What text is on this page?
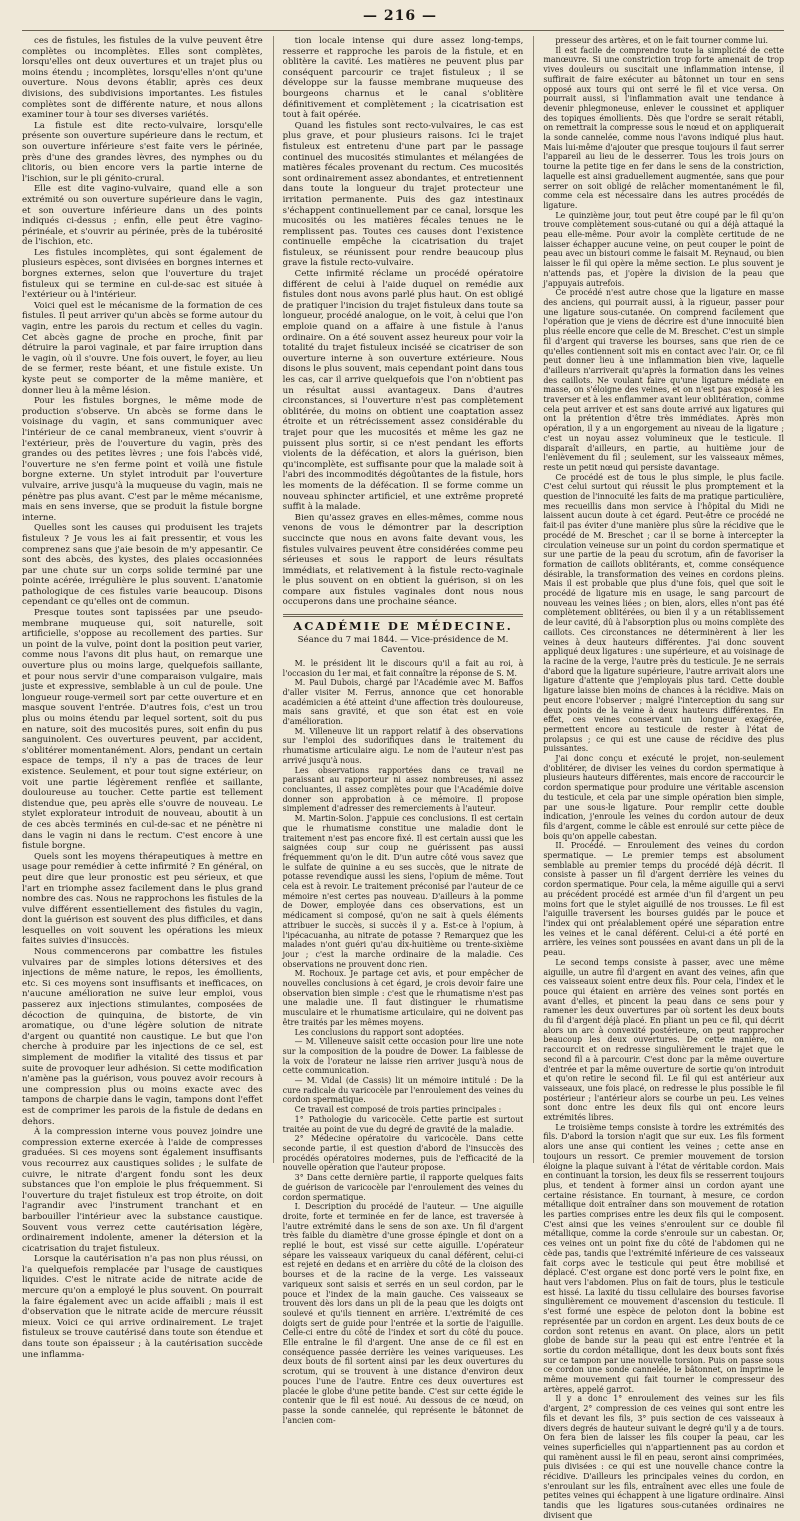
— 216 —

ces de fistules, les fistules de la vulve peuvent être complètes ou incomplètes. Elles sont complètes, lorsqu'elles ont deux ouvertures et un trajet plus ou moins étendu ; incomplètes, lorsqu'elles n'ont qu'une ouverture. Nous devons établir, après ces deux divisions, des subdivisions importantes. Les fistules complètes sont de différente nature, et nous allons examiner tour à tour ses diverses variétés.

La fistule est dite recto-vulvaire, lorsqu'elle présente son ouverture supérieure dans le rectum, et son ouverture inférieure s'est faite vers le périnée, près d'une des grandes lèvres, des nymphes ou du clitoris, ou bien encore vers la partie interne de l'ischion, sur le pli génito-crural.

Elle est dite vagino-vulvaire, quand elle a son extrémité ou son ouverture supérieure dans le vagin, et son ouverture inférieure dans un des points indiqués ci-dessus ; enfin, elle peut être vagino-périnéale, et s'ouvrir au périnée, près de la tubérosité de l'ischion, etc.

Les fistules incomplètes, qui sont également de plusieurs espèces, sont divisées en borgnes internes et borgnes externes, selon que l'ouverture du trajet fistuleux qui se termine en cul-de-sac est située à l'extérieur ou à l'intérieur.

Voici quel est le mécanisme de la formation de ces fistules. Il peut arriver qu'un abcès se forme autour du vagin, entre les parois du rectum et celles du vagin. Cet abcès gagne de proche en proche, finit par détruire la paroi vaginale, et par faire irruption dans le vagin, où il s'ouvre. Une fois ouvert, le foyer, au lieu de se fermer, reste béant, et une fistule existe. Un kyste peut se comporter de la même manière, et donner lieu à la même lésion.

Pour les fistules borgnes, le même mode de production s'observe. Un abcès se forme dans le voisinage du vagin, et sans communiquer avec l'intérieur de ce canal membraneux, vient s'ouvrir à l'extérieur, près de l'ouverture du vagin, près des grandes ou des petites lèvres ; une fois l'abcès vidé, l'ouverture ne s'en ferme point et voilà une fistule borgne externe. Un stylet introduit par l'ouverture vulvaire, arrive jusqu'à la muqueuse du vagin, mais ne pénètre pas plus avant. C'est par le même mécanisme, mais en sens inverse, que se produit la fistule borgne interne.

Quelles sont les causes qui produisent les trajets fistuleux ? Je vous les ai fait pressentir, et vous les comprenez sans que j'aie besoin de m'y appesantir. Ce sont des abcès, des kystes, des plaies occasionnées par une chute sur un corps solide terminé par une pointe acérée, irrégulière le plus souvent. L'anatomie pathologique de ces fistules varie beaucoup. Disons cependant ce qu'elles ont de commun.

Presque toutes sont tapissées par une pseudo-membrane muqueuse qui, soit naturelle, soit artificielle, s'oppose au recollement des parties. Sur un point de la vulve, point dont la position peut varier, comme nous l'avons dit plus haut, on remarque une ouverture plus ou moins large, quelquefois saillante, et pour nous servir d'une comparaison vulgaire, mais juste et expressive, semblable à un cul de poule. Une longueur rouge-vermeil sort par cette ouverture et en masque souvent l'entrée. D'autres fois, c'est un trou plus ou moins étendu par lequel sortent, soit du pus en nature, soit des mucosités pures, soit enfin du pus sanguinolent. Ces ouvertures peuvent, par accident, s'oblitérer momentanément. Alors, pendant un certain espace de temps, il n'y a pas de traces de leur existence. Seulement, et pour tout signe extérieur, on voit une partie légèrement renflée et saillante, douloureuse au toucher. Cette partie est tellement distendue que, peu après elle s'ouvre de nouveau. Le stylet explorateur introduit de nouveau, aboutit à un de ces abcès terminés en cul-de-sac et ne pénètre ni dans le vagin ni dans le rectum. C'est encore à une fistule borgne.

Quels sont les moyens thérapeutiques à mettre en usage pour remédier à cette infirmité ? En général, on peut dire que leur pronostic est peu sérieux, et que l'art en triomphe assez facilement dans le plus grand nombre des cas. Nous ne rapprochons les fistules de la vulve différent essentiellement des fistules du vagin, dont la guérison est souvent des plus difficiles, et dans lesquelles on voit souvent les opérations les mieux faites suivies d'insuccès.

Nous commencerons par combattre les fistules vulvaires par de simples lotions détersives et des injections de même nature, le repos, les émollients, etc. Si ces moyens sont insuffisants et inefficaces, on n'aucune amélioration ne suive leur emploi, vous passerez aux injections stimulantes, composées de décoction de quinquina, de bistorte, de vin aromatique, ou d'une légère solution de nitrate d'argent ou quantité non caustique. Le but que l'on cherche à produire par les injections de ce sel, est simplement de modifier la vitalité des tissus et par suite de provoquer leur adhésion. Si cette modification n'amène pas la guérison, vous pouvez avoir recours à une compression plus ou moins exacte avec des tampons de charpie dans le vagin, tampons dont l'effet est de comprimer les parois de la fistule de dedans en dehors.

À la compression interne vous pouvez joindre une compression externe exercée à l'aide de compresses graduées. Si ces moyens sont également insuffisants vous recourrez aux caustiques solides ; le sulfate de cuivre, le nitrate d'argent fondu sont les deux substances que l'on emploie le plus fréquemment. Si l'ouverture du trajet fistuleux est trop étroite, on doit l'agrandir avec l'instrument tranchant et en barbouiller l'intérieur avec la substance caustique. Souvent vous verrez cette cautérisation légère, ordinairement indolente, amener la détersion et la cicatrisation du trajet fistuleux.

Lorsque la cautérisation n'a pas non plus réussi, on l'a quelquefois remplacée par l'usage de caustiques liquides. C'est le nitrate acide de nitrate acide de mercure qu'on a employé le plus souvent. On pourrait la faire également avec un acide affaibli ; mais il est d'observation que le nitrate acide de mercure réussit mieux. Voici ce qui arrive ordinairement. Le trajet fistuleux se trouve cautérisé dans toute son étendue et dans toute son épaisseur ; à la cautérisation succède une inflamma-

tion locale intense qui dure assez long-temps, resserre et rapproche les parois de la fistule, et en oblitère la cavité. Les matières ne peuvent plus par conséquent parcourir ce trajet fistuleux ; il se développe sur la fausse membrane muqueuse des bourgeons charnus et le canal s'oblitère définitivement et complètement ; la cicatrisation est tout à fait opérée.

Quand les fistules sont recto-vulvaires, le cas est plus grave, et pour plusieurs raisons. Ici le trajet fistuleux est entretenu d'une part par le passage continuel des mucosités stimulantes et mélangées de matières fécales provenant du rectum. Ces mucosités sont ordinairement assez abondantes, et entretiennent dans toute la longueur du trajet protecteur une irritation permanente. Puis des gaz intestinaux s'échappent continuellement par ce canal, lorsque les mucosités ou les matières fécales tenues ne le remplissent pas. Toutes ces causes dont l'existence continuelle empêche la cicatrisation du trajet fistuleux, se réunissent pour rendre beaucoup plus grave la fistule recto-vulvaire.

Cette infirmité réclame un procédé opératoire différent de celui à l'aide duquel on remédie aux fistules dont nous avons parlé plus haut. On est obligé de pratiquer l'incision du trajet fistuleux dans toute sa longueur, procédé analogue, on le voit, à celui que l'on emploie quand on a affaire à une fistule à l'anus ordinaire. On a été souvent assez heureux pour voir la totalité du trajet fistuleux inciséé se cicatriser de son ouverture interne à son ouverture extérieure. Nous disons le plus souvent, mais cependant point dans tous les cas, car il arrive quelquefois que l'on n'obtient pas un résultat aussi avantageux. Dans d'autres circonstances, si l'ouverture n'est pas complètement oblitérée, du moins on obtient une coaptation assez étroite et un rétrécissement assez considérable du trajet pour que les mucosités et même les gaz ne puissent plus sortir, si ce n'est pendant les efforts violents de la défécation, et alors la guérison, bien qu'incomplète, est suffisante pour que la malade soit à l'abri des incommodités dégoûtantes de la fistule, hors les moments de la défécation. Il se forme comme un nouveau sphincter artificiel, et une extrême propreté suffit à la malade.

Bien qu'assez graves en elles-mêmes, comme nous venons de vous le démontrer par la description succincte que nous en avons faite devant vous, les fistules vulvaires peuvent être considérées comme peu sérieuses et sous le rapport de leurs résultats immédiats, et relativement à la fistule recto-vaginale le plus souvent on en obtient la guérison, si on les compare aux fistules vaginales dont nous nous occuperons dans une prochaine séance.

ACADÉMIE DE MÉDECINE.
Séance du 7 mai 1844. — Vice-présidence de M. Caventou.

M. le président lit le discours qu'il a fait au roi, à l'occasion du 1er mai, et fait connaître la réponse de S. M.

M. Paul Dubois, chargé par l'Académie avec M. Baffos d'aller visiter M. Ferrus, annonce que cet honorable académicien a été atteint d'une affection très douloureuse, mais sans gravité, et que son état est en voie d'amélioration.

M. Villeneuve lit un rapport relatif à des observations sur l'emploi des sudorifiques dans le traitement du rhumatisme articulaire aigu. Le nom de l'auteur n'est pas arrivé jusqu'à nous.

Les observations rapportées dans ce travail ne paraissant au rapporteur ni assez nombreuses, ni assez concluantes, il assez complètes pour que l'Académie doive donner son approbation à ce mémoire. Il propose simplement d'adresser des remerciements à l'auteur.

M. Martin-Solon. J'appuie ces conclusions. Il est certain que le rhumatisme constitue une maladie dont le traitement n'est pas encore fixé. Il est certain aussi que les saignées coup sur coup ne guérissent pas aussi fréquemment qu'on le dit. D'un autre côté vous savez que le sulfate de quinine a eu ses succès, que le nitrate de potasse revendique aussi les siens, l'opium de même. Tout cela est à revoir. Le traitement préconisé par l'auteur de ce mémoire n'est certes pas nouveau. D'ailleurs à la pomme de Dower, employée dans ces observations, est un médicament si composé, qu'on ne sait à quels éléments attribuer le succès, si succès il y a. Est-ce à l'opium, à l'ipécacuanha, au nitrate de potasse ? Remarquez que les malades n'ont guéri qu'au dix-huitième ou trente-sixième jour ; c'est la marche ordinaire de la maladie. Ces observations ne prouvent donc rien.

M. Rochoux. Je partage cet avis, et pour empêcher de nouvelles conclusions à cet égard, je crois devoir faire une observation bien simple : c'est que le rhumatisme n'est pas une maladie une. Il faut distinguer le rhumatisme musculaire et le rhumatisme articulaire, qui ne doivent pas être traités par les mêmes moyens.

Les conclusions du rapport sont adoptées.

— M. Villeneuve saisit cette occasion pour lire une note sur la composition de la poudre de Dower. La faiblesse de la voix de l'orateur ne laisse rien arriver jusqu'à nous de cette communication.

— M. Vidal (de Cassis) lit un mémoire intitulé : De la cure radicale du varicocèle par l'enroulement des veines du cordon spermatique.

Ce travail est composé de trois parties principales :

1° Pathologie du varicocèle. Cette partie est surtout traitée au point de vue du degré de gravité de la maladie.

2° Médecine opératoire du varicocèle. Dans cette seconde partie, il est question d'abord de l'insuccès des procédés opératoires modernes, puis de l'efficacité de la nouvelle opération que l'auteur propose.

3° Dans cette dernière partie, il rapporte quelques faits de guérison de varicocèle par l'enroulement des veines du cordon spermatique.

I. Description du procédé de l'auteur. — Une aiguille droite, forte et terminée en fer de lance, est traversée à l'autre extrémité dans le sens de son axe. Un fil d'argent très faible du diamètre d'une grosse épingle et dont on a replié le bout, est vissé sur cette aiguille. L'opérateur sépare les vaisseaux variqueux du canal déférent, celui-ci est rejeté en dedans et en arrière du côté de la cloison des bourses et de la racine de la verge. Les vaisseaux variqueux sont saisis et serrés en un seul cordon, par le pouce et l'index de la main gauche. Ces vaisseaux se trouvent dès lors dans un pli de la peau que les doigts ont soulevé et qu'ils tiennent en arrière. L'extrémité de ces doigts sert de guide pour l'entrée et la sortie de l'aiguille. Celle-ci entre du côté de l'index et sort du côté du pouce. Elle entraîne le fil d'argent. Une anse de ce fil est en conséquence passée derrière les veines variqueuses. Les deux bouts de fil sortent ainsi par les deux ouvertures du scrotum, qui se trouvent à une distance d'environ deux pouces l'une de l'autre. Entre ces deux ouvertures est placée le globe d'une petite bande. C'est sur cette égide le contenir que le fil est noué. Au dessous de ce nœud, on passe la sonde cannelée, qui représente le bâtonnet de l'ancien com-

presseur des artères, et on le fait tourner comme lui.

Il est facile de comprendre toute la simplicité de cette manœuvre. Si une constriction trop forte amenait de trop vives douleurs ou suscitait une inflammation intense, il suffirait de faire exécuter au bâtonnet un tour en sens opposé aux tours qui ont serré le fil et vice versa. On pourrait aussi, si l'inflammation avait une tendance à devenir phlegmoneuse, enlever le coussinet et appliquer des topiques émollients. Dès que l'ordre se serait rétabli, on remettrait la compresse sous le nœud et on appliquerait la sonde cannelée, comme nous l'avons indiqué plus haut. Mais lui-même d'ajouter que presque toujours il faut serrer l'appareil au lieu de le desserrer. Tous les trois jours on tourne la petite tige en fer dans le sens de la constriction, laquelle est ainsi graduellement augmentée, sans que pour serrer on soit obligé de relâcher momentanément le fil, comme cela est nécessaire dans les autres procédés de ligature.

Le quinzième jour, tout peut être coupé par le fil qu'on trouve complètement sous-cutané ou qui a déjà attaqué la peau elle-même. Pour avoir la complète certitude de ne laisser échapper aucune veine, on peut couper le point de peau avec un bistouri comme le faisait M. Reynaud, ou bien laisser le fil qui opère la même section. Le plus souvent je n'attends pas, et j'opère la division de la peau que j'appuyais autrefois.

Ce procédé n'est autre chose que la ligature en masse des anciens, qui pourrait aussi, à la rigueur, passer pour une ligature sous-cutanée. On comprend facilement que l'opération que je viens de décrire est d'une innocuité bien plus réelle encore que celle de M. Breschet. C'est un simple fil d'argent qui traverse les bourses, sans que rien de ce qu'elles contiennent soit mis en contact avec l'air. Or, ce fil peut donner lieu à une inflammation bien vive, laquelle d'ailleurs n'arriverait qu'après la formation dans les veines des caillots. Ne voulant faire qu'une ligature médiate en masse, on s'éloigne des veines, et on n'est pas exposé à les traverser et à les enflammer avant leur oblitération, comme cela peut arriver et est sans doute arrivé aux ligatures qui ont la prétention d'être très immédiates. Après mon opération, il y a un engorgement au niveau de la ligature ; c'est un noyau assez volumineux que le testicule. Il disparaît d'ailleurs, en partie, au huitième jour de l'enlèvement du fil ; seulement, sur les vaisseaux mêmes, reste un petit nœud qui persiste davantage.

Ce procédé est de tous le plus simple, le plus facile. C'est celui surtout qui réussit le plus promptement et la question de l'innocuité les faits de ma pratique particulière, mes recueillis dans mon service à l'hôpital du Midi ne laissent aucun doute à cet égard. Peut-être ce procédé ne fait-il pas éviter d'une manière plus sûre la récidive que le procédé de M. Breschet ; car il se borne à intercepter la circulation veineuse sur un point du cordon spermatique et sur une partie de la peau du scrotum, afin de favoriser la formation de caillots oblitérants, et, comme conséquence désirable, la transformation des veines en cordons pleins. Mais il est probable que plus d'une fois, quel que soit le procédé de ligature mis en usage, le sang parcourt de nouveau les veines liées ; on bien, alors, elles n'ont pas été complètement oblitérées, ou bien il y a un rétablissement de leur cavité, dû à l'absorption plus ou moins complète des caillots. Ces circonstances ne déterminèrent à lier les veines à deux hauteurs différentes. J'ai donc souvent appliqué deux ligatures : une supérieure, et au voisinage de la racine de la verge, l'autre près du testicule. Je ne serrais d'abord que la ligature supérieure, l'autre arrivait alors une ligature d'attente que j'employais plus tard. Cette double ligature laisse bien moins de chances à la récidive. Mais on peut encore l'observer ; malgré l'interception du sang sur deux points de la veine à deux hauteurs différentes. En effet, ces veines conservant un longueur exagérée, permettent encore au testicule de rester à l'état de prolapsus ; ce qui est une cause de récidive des plus puissantes.

J'ai donc conçu et exécuté le projet, non-seulement d'oblitérer, de diviser les veines du cordon spermatique à plusieurs hauteurs différentes, mais encore de raccourcir le cordon spermatique pour produire une véritable ascension du testicule, et cela par une simple opération bien simple, par une sous-le ligature. Pour remplir cette double indication, j'enroule les veines du cordon autour de deux fils d'argent, comme le câble est enroulé sur cette pièce de bois qu'on appelle cabestan.

II. Procédé. — Enroulement des veines du cordon spermatique. — Le premier temps est absolument semblable au premier temps du procédé déjà décrit. Il consiste à passer un fil d'argent derrière les veines du cordon spermatique. Pour cela, la même aiguille qui a servi au précédent procédé est armée d'un fil d'argent un peu moins fort que le stylet aiguillé de nos trousses. Le fil est l'aiguille traversent les bourses guidés par le pouce et l'index qui ont préalablement opéré une séparation entre les veines et le canal déférent. Celui-ci a été porté en arrière, les veines sont poussées en avant dans un pli de la peau.

Le second temps consiste à passer, avec une même aiguille, un autre fil d'argent en avant des veines, afin que ces vaisseaux soient entre deux fils. Pour cela, l'index et le pouce qui étaient en arrière des veines sont portés en avant d'elles, et pincent la peau dans ce sens pour y ramener les deux ouvertures par où sortent les deux bouts du fil d'argent déjà placé. En pliant un peu ce fil, qui décrit alors un arc à convexité postérieure, on peut rapprocher beaucoup les deux ouvertures. De cette manière, on raccourcit et on redresse singulièrement le trajet que le second fil a à parcourir. C'est donc par la même ouverture d'entrée et par la même ouverture de sortie qu'on introduit et qu'on retire le second fil. Le fil qui est antérieur aux vaisseaux, une fois placé, on redresse le plus possible le fil postérieur ; l'antérieur alors se courbe un peu. Les veines sont donc entre les deux fils qui ont encore leurs extrémités libres.

Le troisième temps consiste à tordre les extrémités des fils. D'abord la torsion n'agit que sur eux. Les fils forment alors une anse qui contient les veines ; cette anse en toujours un ressort. Ce premier mouvement de torsion éloigne la plaque suivant à l'état de véritable cordon. Mais en continuant la torsion, les deux fils se resserrent toujours plus, et tendent à former ainsi un cordon ayant une certaine résistance. En tournant, à mesure, ce cordon métallique doit entraîner dans son mouvement de rotation les parties comprises entre les deux fils qui le composent. C'est ainsi que les veines s'enroulent sur ce double fil métallique, comme la corde s'enroule sur un cabestan. Or, ces veines ont un point fixe du côté de l'abdomen qui ne cède pas, tandis que l'extrémité inférieure de ces vaisseaux fait corps avec le testicule qui peut être mobilisé et déplacé. C'est organe est donc porté vers le point fixe, en haut vers l'abdomen. Plus on fait de tours, plus le testicule est hissé. La laxité du tissu cellulaire des bourses favorise singulièrement ce mouvement d'ascension du testicule. Il s'est formé une espèce de peloton dont la bobine est représentée par un cordon en argent. Les deux bouts de ce cordon sont retenus en avant. On place, alors un petit globe de bande sur la peau qui est entre l'entrée et la sortie du cordon métallique, dont les deux bouts sont fixés sur ce tampon par une nouvelle torsion. Puis on passe sous ce cordon une sonde cannelée, le bâtonnet, on imprime le même mouvement qui fait tourner le compresseur des artères, appelé garrot.

Il y a donc 1° enroulement des veines sur les fils d'argent, 2° compression de ces veines qui sont entre les fils et devant les fils, 3° puis section de ces vaisseaux à divers degrés de hauteur suivant le degré qu'il y a de tours. On fera bien de laisser les fils couper la peau, car les veines superficielles qui n'appartiennent pas au cordon et qui ramènent aussi le fil en peau, seront ainsi comprimées, puis divisées : ce qui est une nouvelle chance contre la récidive. D'ailleurs les principales veines du cordon, en s'enroulant sur les fils, entraînent avec elles une foule de petites veines qui échappent à une ligature ordinaire. Ainsi tandis que les ligatures sous-cutanées ordinaires ne divisent que
